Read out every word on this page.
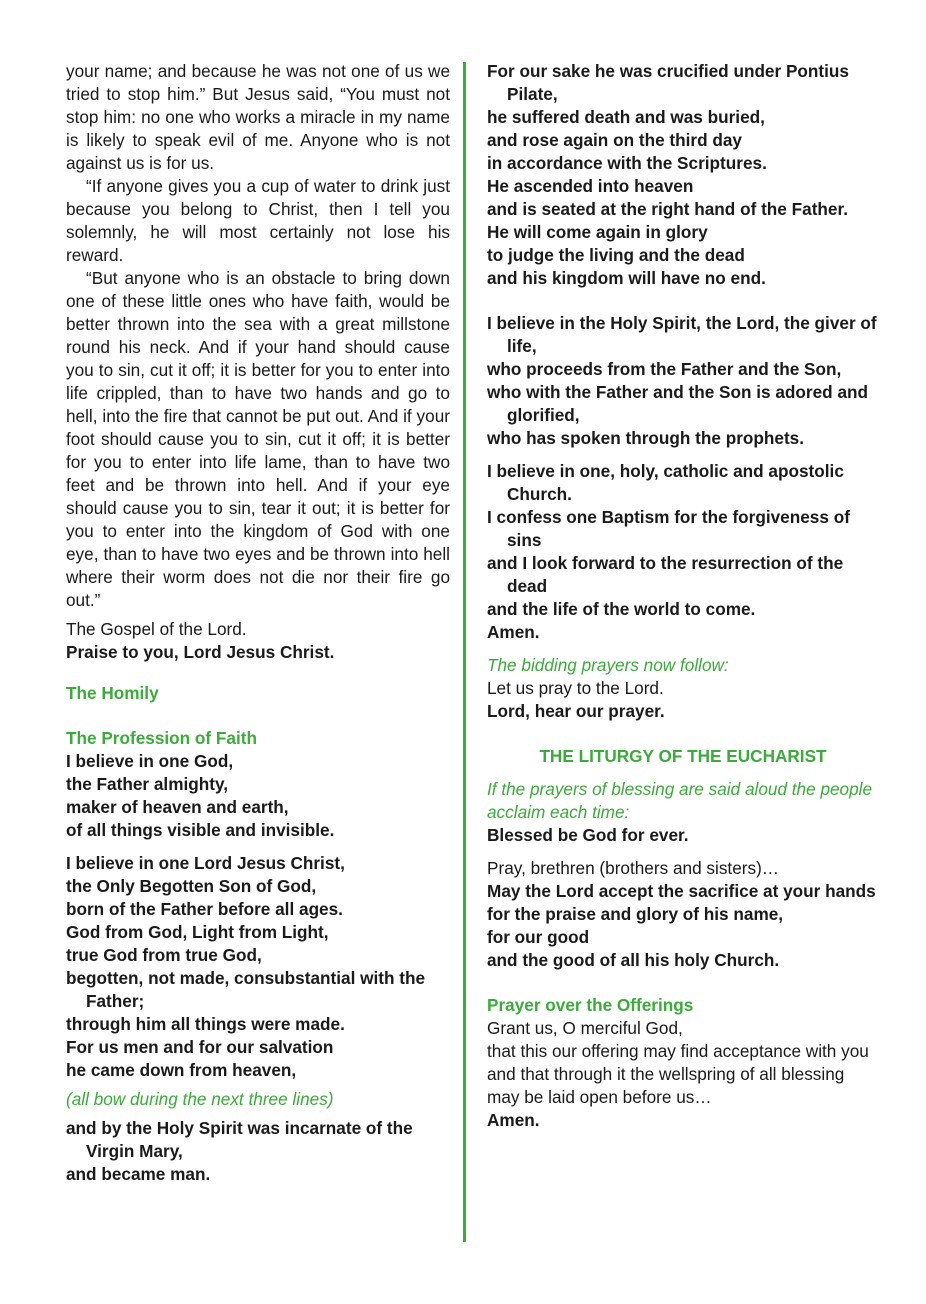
your name; and because he was not one of us we tried to stop him.” But Jesus said, “You must not stop him: no one who works a miracle in my name is likely to speak evil of me. Anyone who is not against us is for us.

“If anyone gives you a cup of water to drink just because you belong to Christ, then I tell you solemnly, he will most certainly not lose his reward.

“But anyone who is an obstacle to bring down one of these little ones who have faith, would be better thrown into the sea with a great millstone round his neck. And if your hand should cause you to sin, cut it off; it is better for you to enter into life crippled, than to have two hands and go to hell, into the fire that cannot be put out. And if your foot should cause you to sin, cut it off; it is better for you to enter into life lame, than to have two feet and be thrown into hell. And if your eye should cause you to sin, tear it out; it is better for you to enter into the kingdom of God with one eye, than to have two eyes and be thrown into hell where their worm does not die nor their fire go out.”

The Gospel of the Lord.

Praise to you, Lord Jesus Christ.

The Homily

The Profession of Faith

I believe in one God,

the Father almighty,

maker of heaven and earth,

of all things visible and invisible.

I believe in one Lord Jesus Christ,

the Only Begotten Son of God,

born of the Father before all ages.

God from God, Light from Light,

true God from true God,

begotten, not made, consubstantial with the Father;

through him all things were made.

For us men and for our salvation

he came down from heaven,

(all bow during the next three lines)

and by the Holy Spirit was incarnate of the Virgin Mary,

and became man.

For our sake he was crucified under Pontius Pilate,

he suffered death and was buried,

and rose again on the third day

in accordance with the Scriptures.

He ascended into heaven

and is seated at the right hand of the Father.

He will come again in glory

to judge the living and the dead

and his kingdom will have no end.

I believe in the Holy Spirit, the Lord, the giver of life,

who proceeds from the Father and the Son,

who with the Father and the Son is adored and glorified,

who has spoken through the prophets.

I believe in one, holy, catholic and apostolic Church.

I confess one Baptism for the forgiveness of sins

and I look forward to the resurrection of the dead

and the life of the world to come.

Amen.

The bidding prayers now follow:

Let us pray to the Lord.

Lord, hear our prayer.

THE LITURGY OF THE EUCHARIST

If the prayers of blessing are said aloud the people acclaim each time:

Blessed be God for ever.

Pray, brethren (brothers and sisters)…

May the Lord accept the sacrifice at your hands

for the praise and glory of his name,

for our good

and the good of all his holy Church.

Prayer over the Offerings

Grant us, O merciful God,

that this our offering may find acceptance with you

and that through it the wellspring of all blessing

may be laid open before us…

Amen.
